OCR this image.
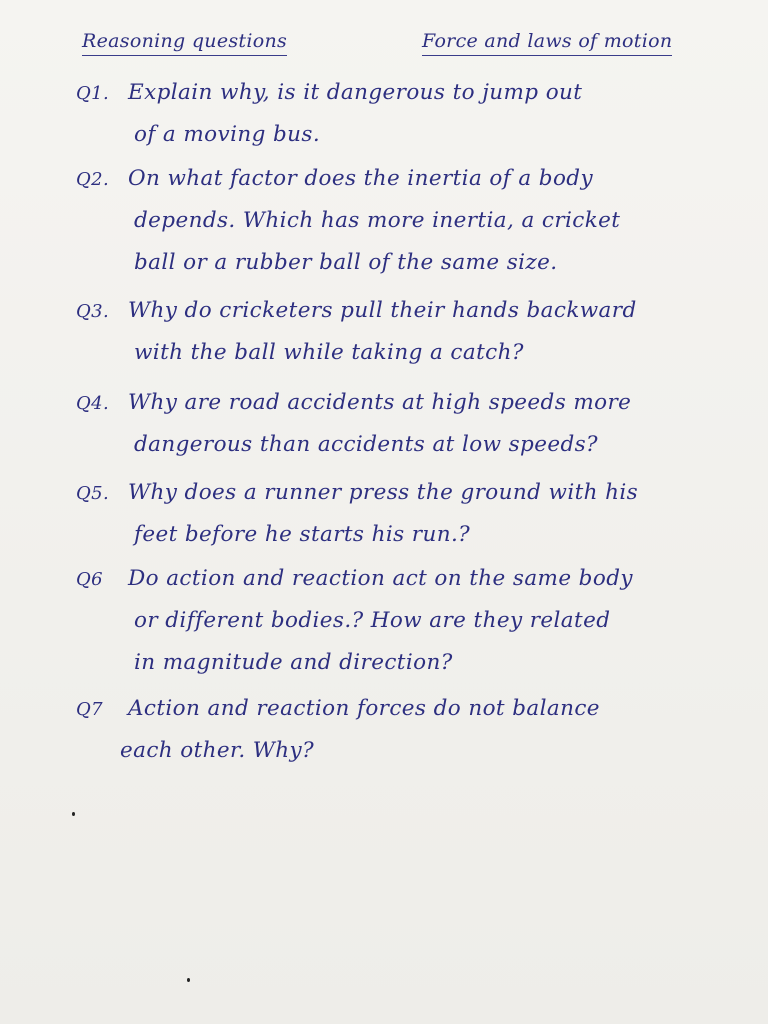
Reasoning questions	Force and laws of motion
Q1. Explain why, is it dangerous to jump out
of a moving bus.
Q2. On what factor does the inertia of a body
depends. Which has more inertia, a cricket
ball or a rubber ball of the same size.
Q3. Why do cricketers pull their hands backward
with the ball while taking a catch?
Q4. Why are road accidents at high speeds more
dangerous than accidents at low speeds?
Q5. Why does a runner press the ground with his
feet before he starts his run.?
Q6 Do action and reaction act on the same body
or different bodies.? How are they related
in magnitude and direction?
Q7 Action and reaction forces do not balance
each other. Why?
